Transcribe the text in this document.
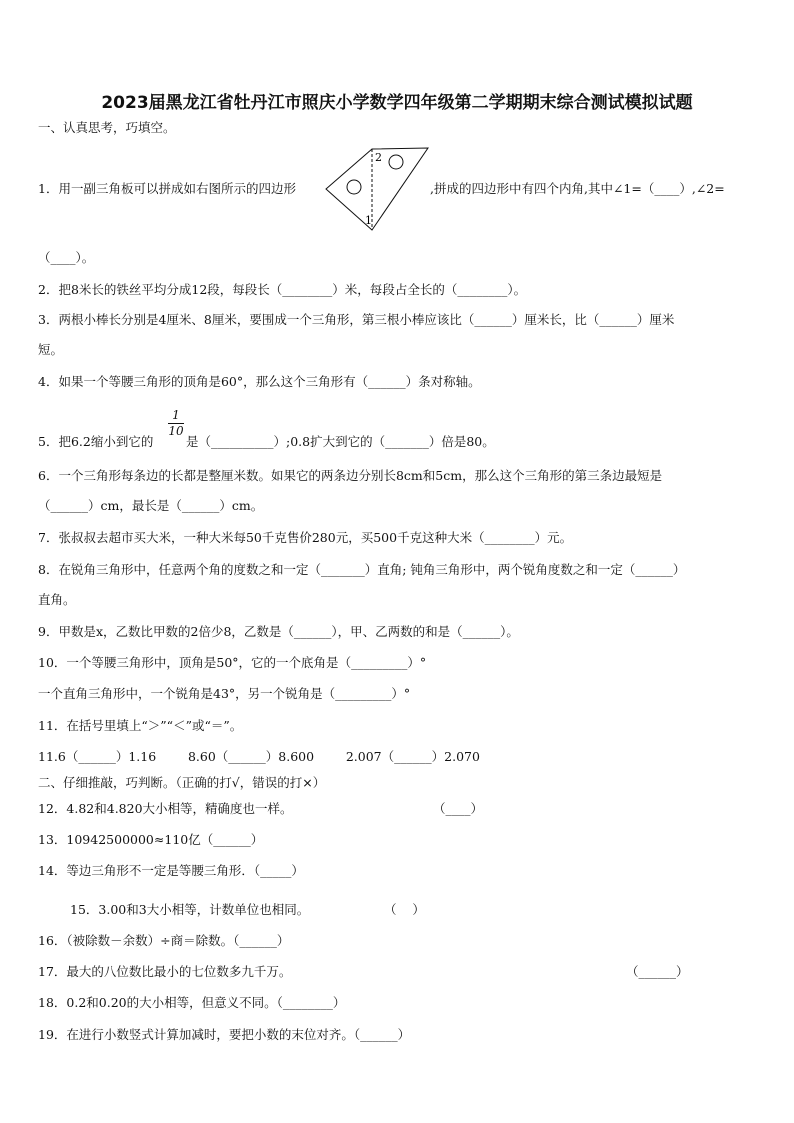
2023届黑龙江省牡丹江市照庆小学数学四年级第二学期期末综合测试模拟试题
一、认真思考，巧填空。
1．用一副三角板可以拼成如右图所示的四边形
2
1
,拼成的四边形中有四个内角,其中∠1=（____）,∠2=
（____）。
2．把8米长的铁丝平均分成12段，每段长（________）米，每段占全长的（________）。
3．两根小棒长分别是4厘米、8厘米，要围成一个三角形，第三根小棒应该比（______）厘米长，比（______）厘米
短。
4．如果一个等腰三角形的顶角是60°，那么这个三角形有（______）条对称轴。
5．把6.2缩小到它的
1
10
是（__________）;0.8扩大到它的（_______）倍是80。
6．一个三角形每条边的长都是整厘米数。如果它的两条边分别长8cm和5cm，那么这个三角形的第三条边最短是
（______）cm，最长是（______）cm。
7．张叔叔去超市买大米，一种大米每50千克售价280元，买500千克这种大米（________）元。
8．在锐角三角形中，任意两个角的度数之和一定（_______）直角; 钝角三角形中，两个锐角度数之和一定（______）
直角。
9．甲数是x，乙数比甲数的2倍少8，乙数是（______），甲、乙两数的和是（______）。
10．一个等腰三角形中，顶角是50°，它的一个底角是（_________）°
一个直角三角形中，一个锐角是43°，另一个锐角是（_________）°
11．在括号里填上“＞”“＜”或“＝”。
11.6（______）1.16        8.60（______）8.600        2.007（______）2.070
二、仔细推敲，巧判断。（正确的打√，错误的打×）
12．4.82和4.820大小相等，精确度也一样。	（____）
13．10942500000≈110亿（______）
14．等边三角形不一定是等腰三角形．（_____）
15．3.00和3大小相等，计数单位也相同。	（    ）
16．（被除数－余数）÷商＝除数。（______）
17．最大的八位数比最小的七位数多九千万。	（______）
18．0.2和0.20的大小相等，但意义不同。（________）
19．在进行小数竖式计算加减时，要把小数的末位对齐。（______）
